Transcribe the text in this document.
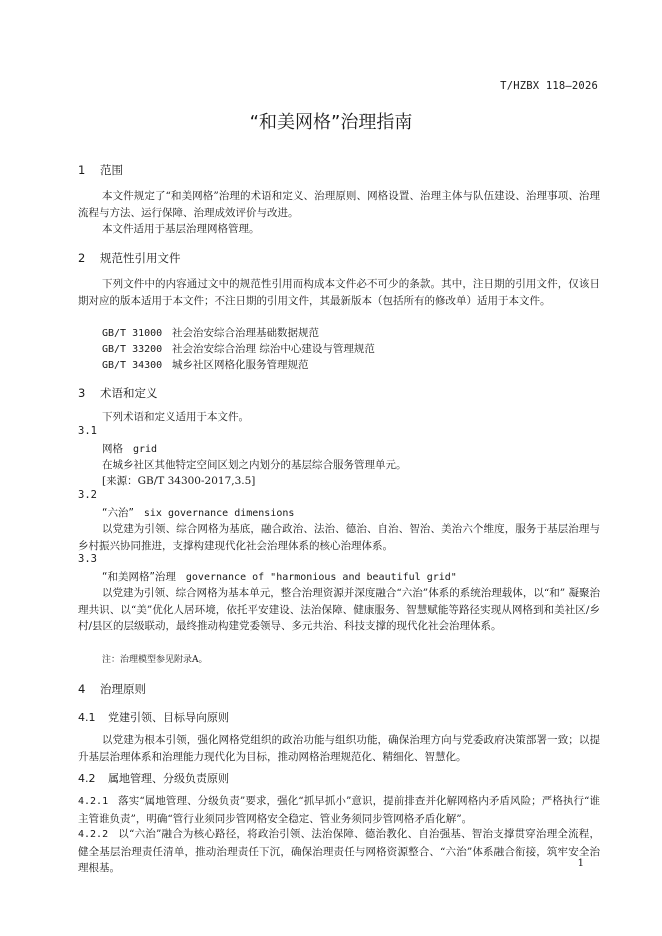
T/HZBX 118—2026
“和美网格”治理指南
1 范围
本文件规定了“和美网格”治理的术语和定义、治理原则、网格设置、治理主体与队伍建设、治理事项、治理流程与方法、运行保障、治理成效评价与改进。
本文件适用于基层治理网格管理。
2 规范性引用文件
下列文件中的内容通过文中的规范性引用而构成本文件必不可少的条款。其中，注日期的引用文件，仅该日期对应的版本适用于本文件；不注日期的引用文件，其最新版本（包括所有的修改单）适用于本文件。
GB/T 31000 社会治安综合治理基础数据规范
GB/T 33200 社会治安综合治理 综治中心建设与管理规范
GB/T 34300 城乡社区网格化服务管理规范
3 术语和定义
下列术语和定义适用于本文件。
3.1
网格 grid
在城乡社区其他特定空间区划之内划分的基层综合服务管理单元。
[来源：GB/T 34300-2017,3.5]
3.2
“六治” six governance dimensions
以党建为引领、综合网格为基底，融合政治、法治、德治、自治、智治、美治六个维度，服务于基层治理与乡村振兴协同推进，支撑构建现代化社会治理体系的核心治理体系。
3.3
“和美网格”治理 governance of "harmonious and beautiful grid"
以党建为引领、综合网格为基本单元，整合治理资源并深度融合“六治”体系的系统治理载体，以“和” 凝聚治理共识、以“美”优化人居环境，依托平安建设、法治保障、健康服务、智慧赋能等路径实现从网格到和美社区/乡村/县区的层级联动，最终推动构建党委领导、多元共治、科技支撑的现代化社会治理体系。
注：治理模型参见附录A。
4 治理原则
4.1 党建引领、目标导向原则
以党建为根本引领，强化网格党组织的政治功能与组织功能，确保治理方向与党委政府决策部署一致；以提升基层治理体系和治理能力现代化为目标，推动网格治理规范化、精细化、智慧化。
4.2 属地管理、分级负责原则
4.2.1 落实“属地管理、分级负责”要求，强化“抓早抓小”意识，提前排查并化解网格内矛盾风险；严格执行“谁主管谁负责”，明确“管行业须同步管网格安全稳定、管业务须同步管网格矛盾化解”。
4.2.2 以“六治”融合为核心路径，将政治引领、法治保障、德治教化、自治强基、智治支撑贯穿治理全流程，健全基层治理责任清单，推动治理责任下沉，确保治理责任与网格资源整合、“六治”体系融合衔接，筑牢安全治理根基。	1
